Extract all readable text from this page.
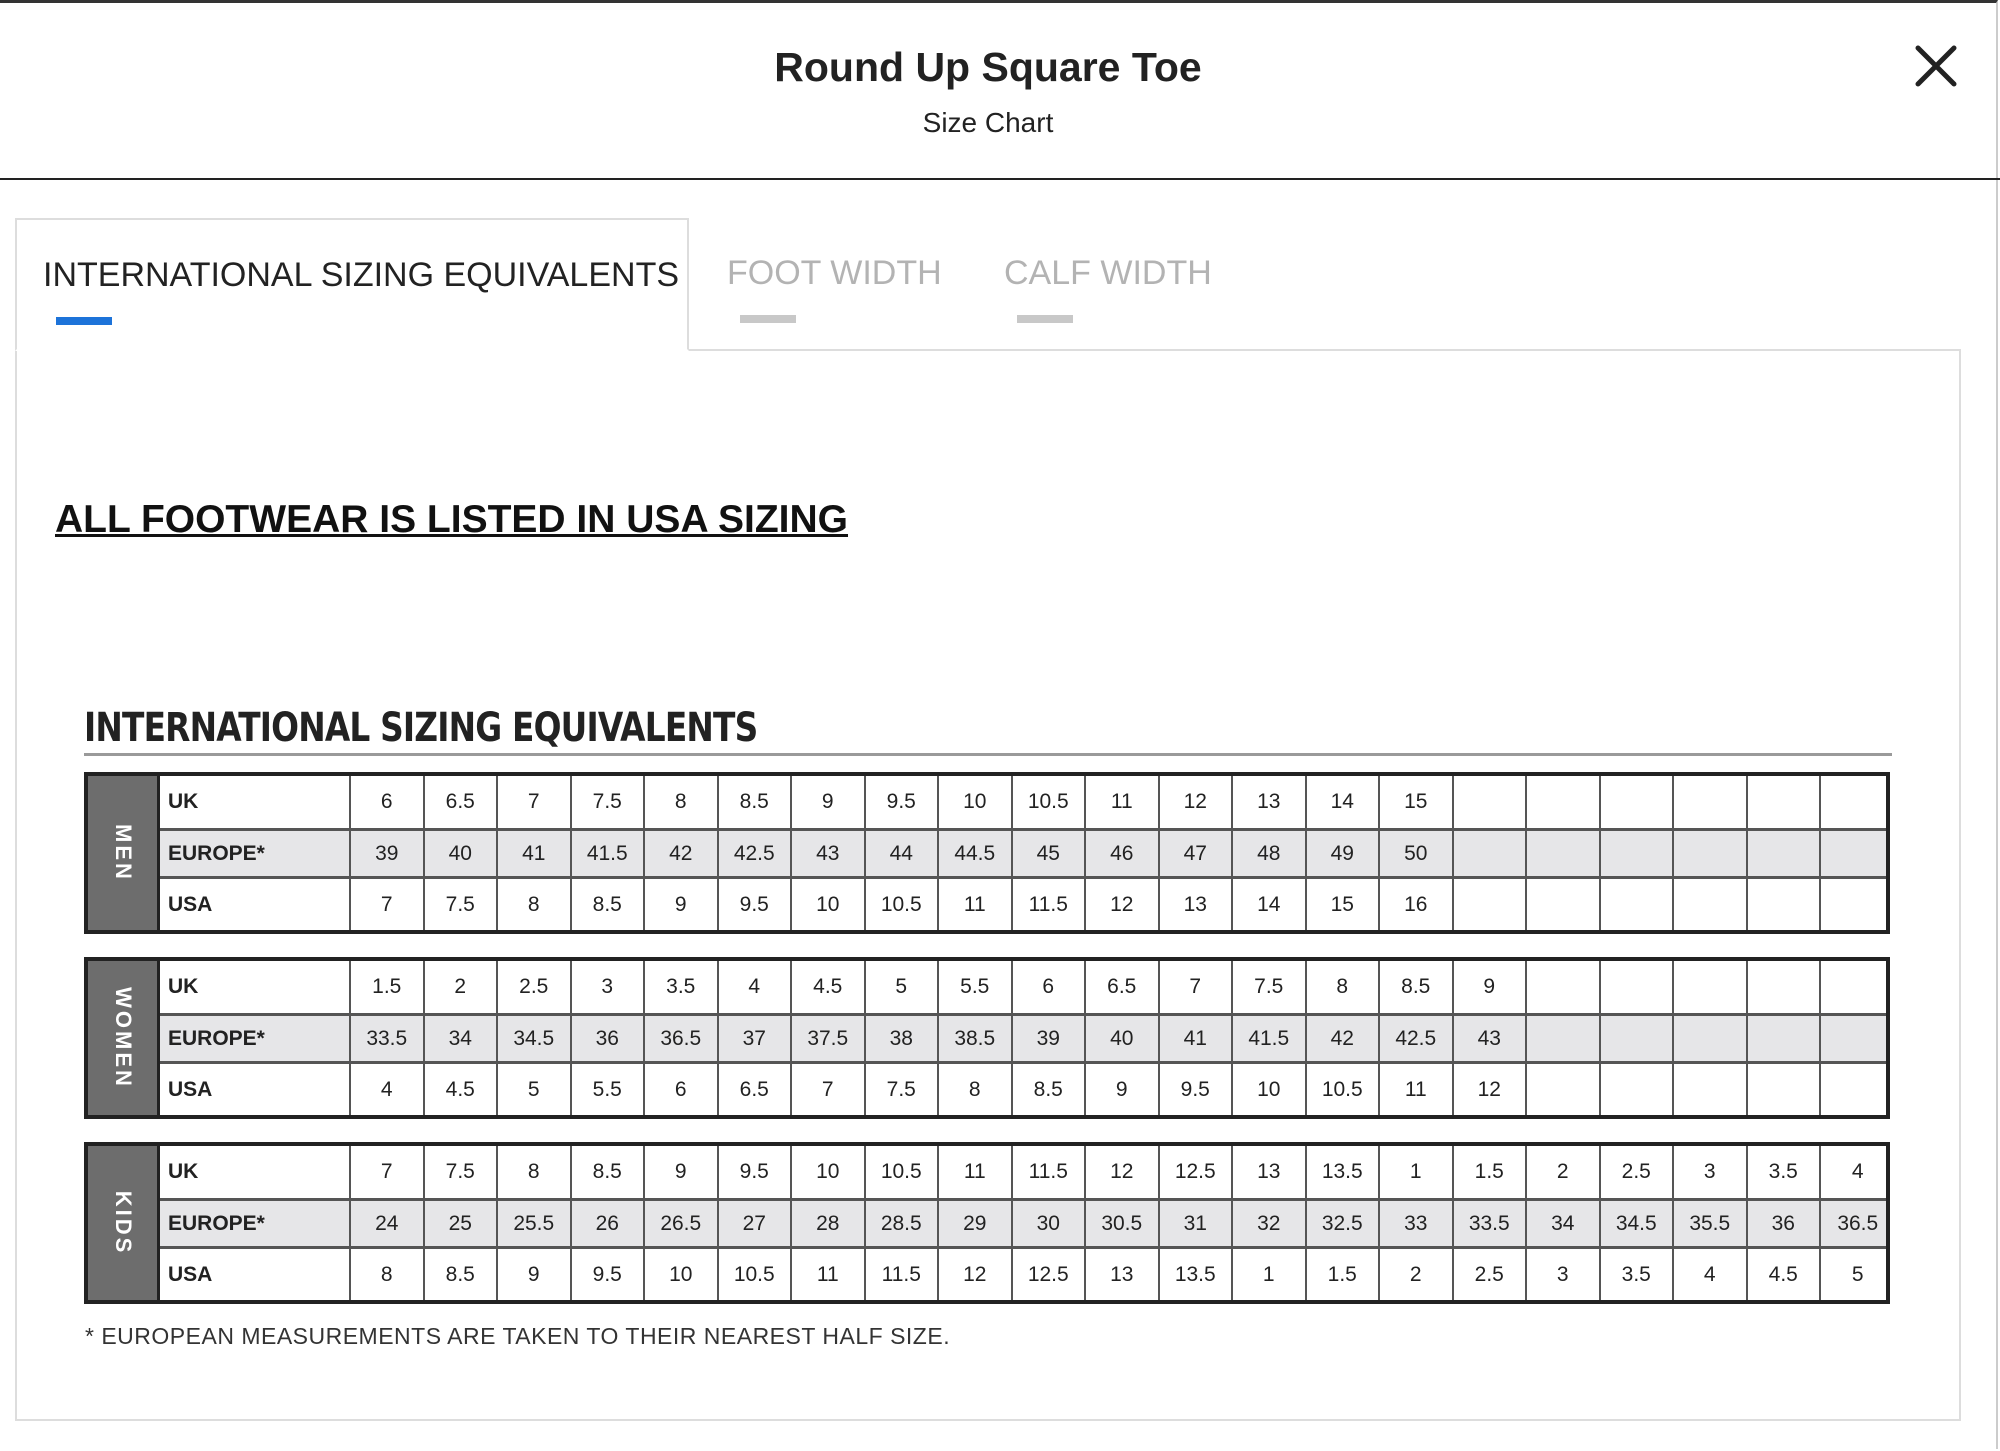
Round Up Square Toe
Size Chart
INTERNATIONAL SIZING EQUIVALENTS FOOT WIDTH CALF WIDTH
ALL FOOTWEAR IS LISTED IN USA SIZING
INTERNATIONAL SIZING EQUIVALENTS
MEN
UK	6	6.5	7	7.5	8	8.5	9	9.5	10	10.5	11	12	13	14	15
EUROPE*	39	40	41	41.5	42	42.5	43	44	44.5	45	46	47	48	49	50
USA	7	7.5	8	8.5	9	9.5	10	10.5	11	11.5	12	13	14	15	16
WOMEN
UK	1.5	2	2.5	3	3.5	4	4.5	5	5.5	6	6.5	7	7.5	8	8.5	9
EUROPE*	33.5	34	34.5	36	36.5	37	37.5	38	38.5	39	40	41	41.5	42	42.5	43
USA	4	4.5	5	5.5	6	6.5	7	7.5	8	8.5	9	9.5	10	10.5	11	12
KIDS
UK	7	7.5	8	8.5	9	9.5	10	10.5	11	11.5	12	12.5	13	13.5	1	1.5	2	2.5	3	3.5	4
EUROPE*	24	25	25.5	26	26.5	27	28	28.5	29	30	30.5	31	32	32.5	33	33.5	34	34.5	35.5	36	36.5
USA	8	8.5	9	9.5	10	10.5	11	11.5	12	12.5	13	13.5	1	1.5	2	2.5	3	3.5	4	4.5	5
* EUROPEAN MEASUREMENTS ARE TAKEN TO THEIR NEAREST HALF SIZE.
